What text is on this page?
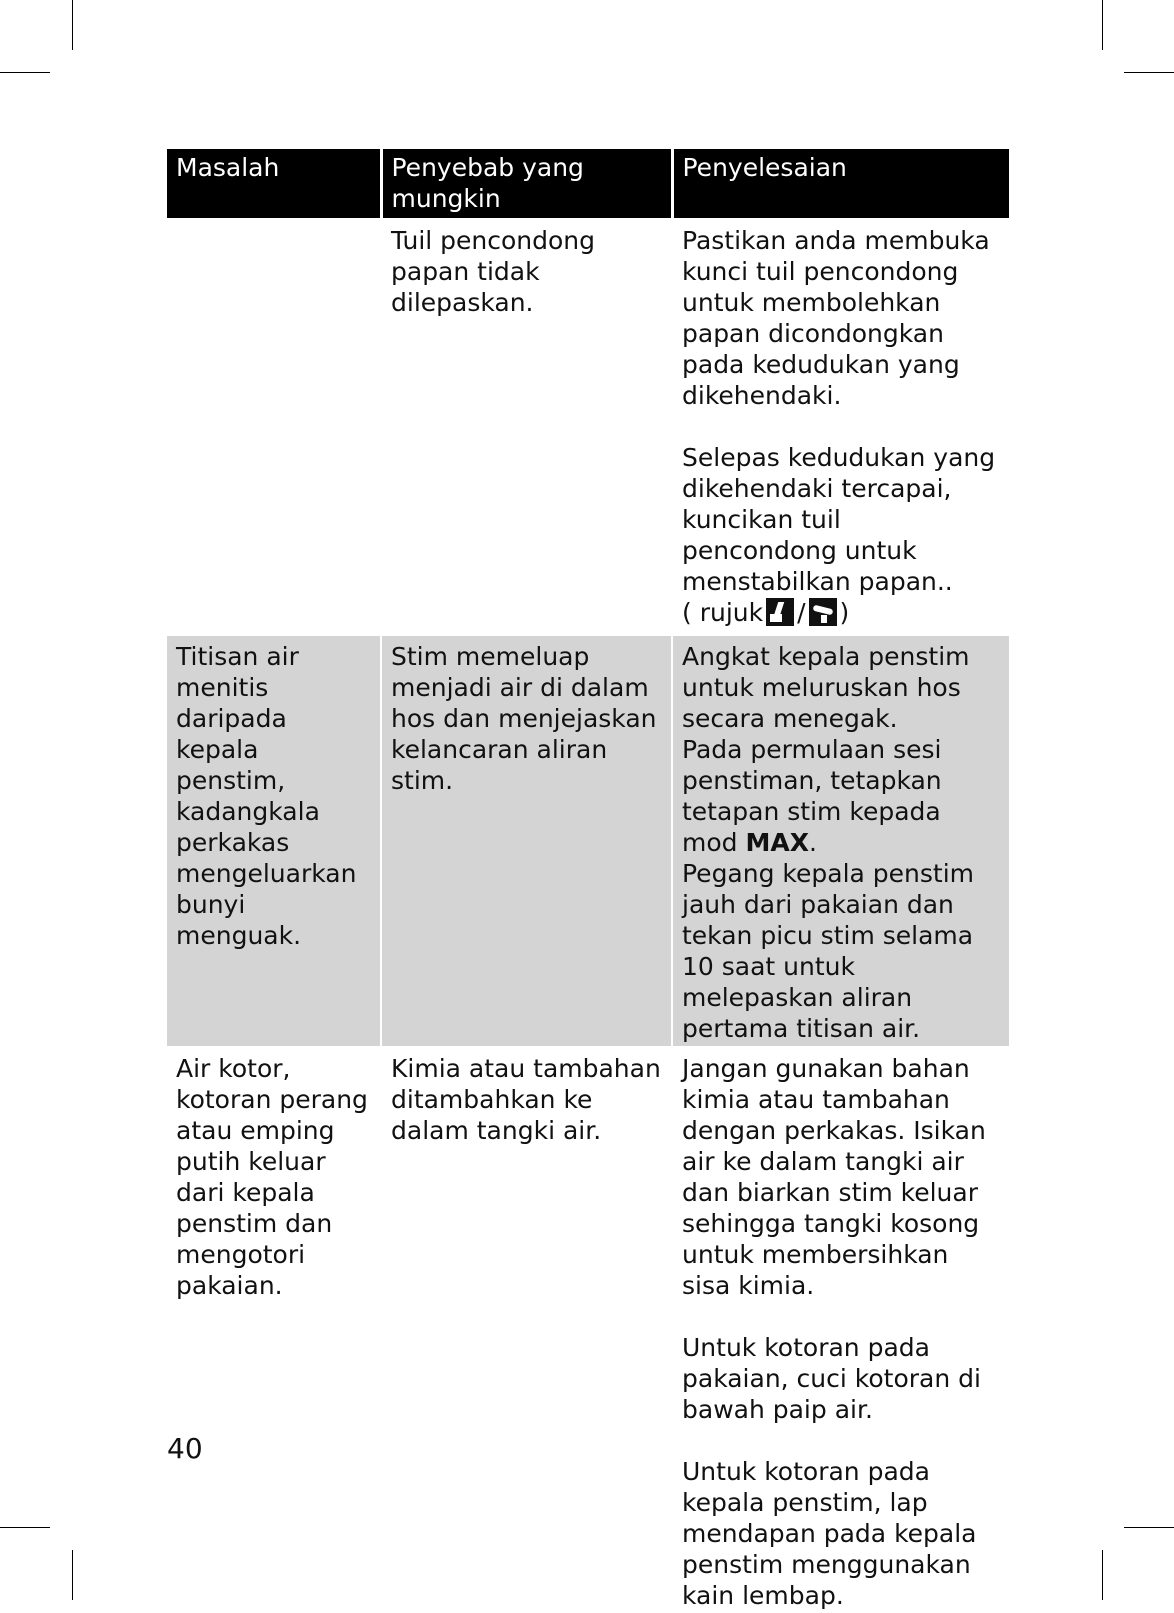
Masalah	Penyebab yang mungkin	Penyelesaian
	Tuil pencondong papan tidak dilepaskan.	Pastikan anda membuka kunci tuil pencondong untuk membolehkan papan dicondongkan pada kedudukan yang dikehendaki.
Selepas kedudukan yang dikehendaki tercapai, kuncikan tuil pencondong untuk menstabilkan papan..
( rujuk / )

Titisan air menitis daripada kepala penstim, kadangkala perkakas mengeluarkan bunyi menguak.	Stim memeluap menjadi air di dalam hos dan menjejaskan kelancaran aliran stim.	Angkat kepala penstim untuk meluruskan hos secara menegak.
Pada permulaan sesi penstiman, tetapkan tetapan stim kepada mod MAX.
Pegang kepala penstim jauh dari pakaian dan tekan picu stim selama 10 saat untuk melepaskan aliran pertama titisan air.

Air kotor, kotoran perang atau emping putih keluar dari kepala penstim dan mengotori pakaian.	Kimia atau tambahan ditambahkan ke dalam tangki air.	Jangan gunakan bahan kimia atau tambahan dengan perkakas. Isikan air ke dalam tangki air dan biarkan stim keluar sehingga tangki kosong untuk membersihkan sisa kimia.
Untuk kotoran pada pakaian, cuci kotoran di bawah paip air.
Untuk kotoran pada kepala penstim, lap mendapan pada kepala penstim menggunakan kain lembap.
40
